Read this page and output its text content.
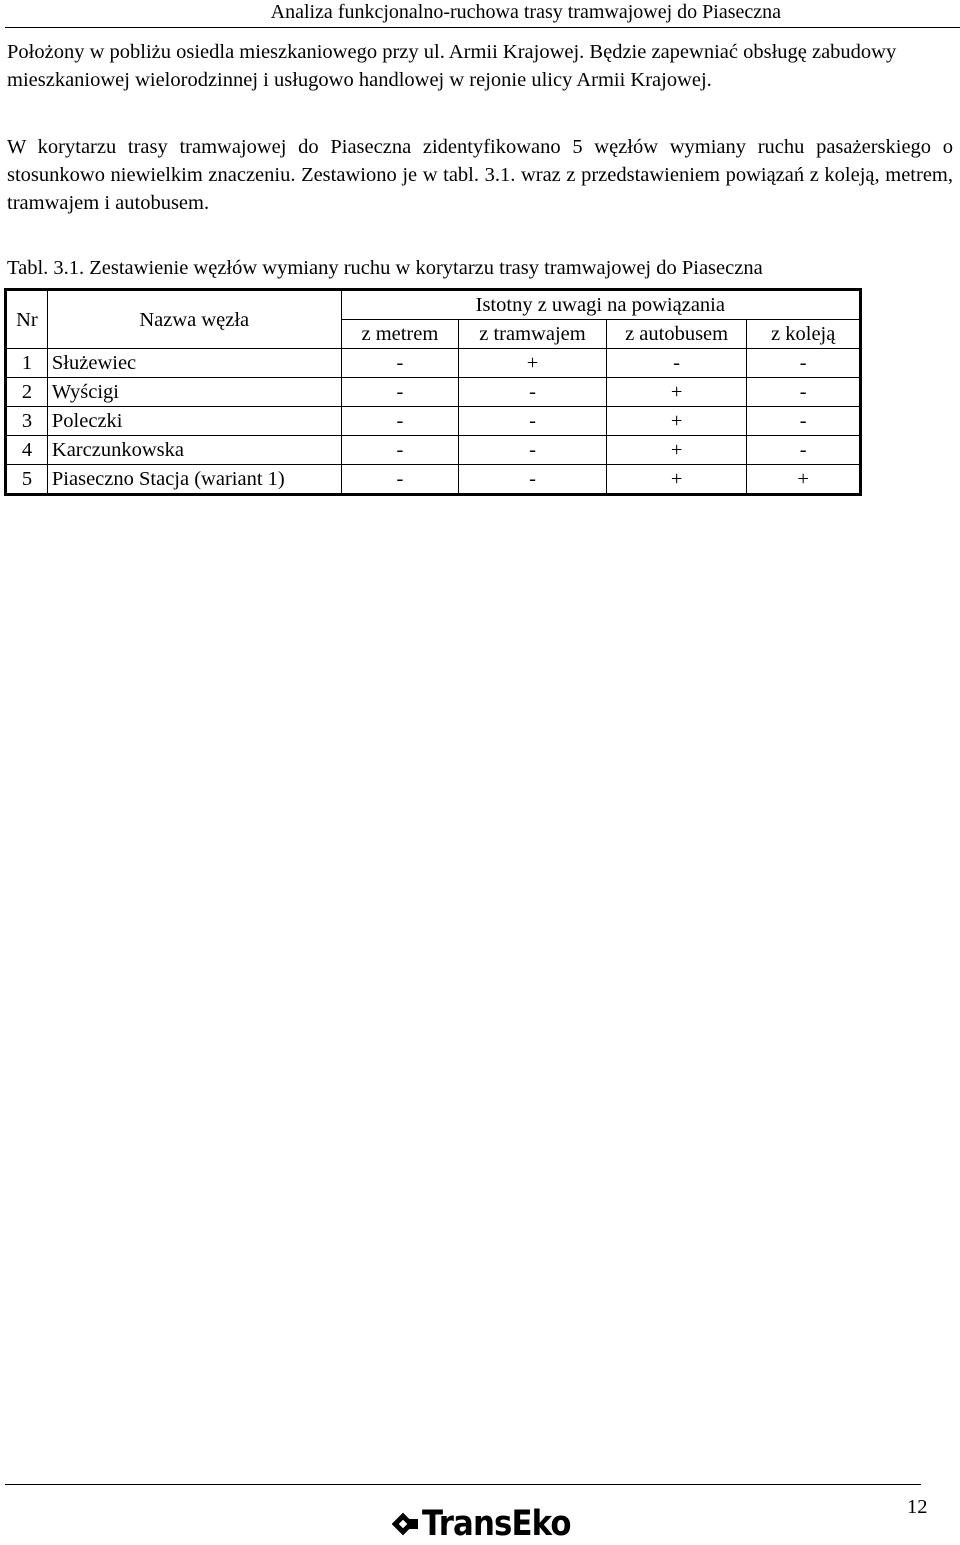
Analiza funkcjonalno-ruchowa trasy tramwajowej do Piaseczna

Położony w pobliżu osiedla mieszkaniowego przy ul. Armii Krajowej. Będzie zapewniać obsługę zabudowy mieszkaniowej wielorodzinnej i usługowo handlowej w rejonie ulicy Armii Krajowej.

W korytarzu trasy tramwajowej do Piaseczna zidentyfikowano 5 węzłów wymiany ruchu pasażerskiego o stosunkowo niewielkim znaczeniu. Zestawiono je w tabl. 3.1. wraz z przedstawieniem powiązań z koleją, metrem, tramwajem i autobusem.

Tabl. 3.1. Zestawienie węzłów wymiany ruchu w korytarzu trasy tramwajowej do Piaseczna

Nr	Nazwa węzła	Istotny z uwagi na powiązania			
		z metrem	z tramwajem	z autobusem	z koleją
1	Służewiec	-	+	-	-
2	Wyścigi	-	-	+	-
3	Poleczki	-	-	+	-
4	Karczunkowska	-	-	+	-
5	Piaseczno Stacja (wariant 1)	-	-	+	+
12
TransEko
